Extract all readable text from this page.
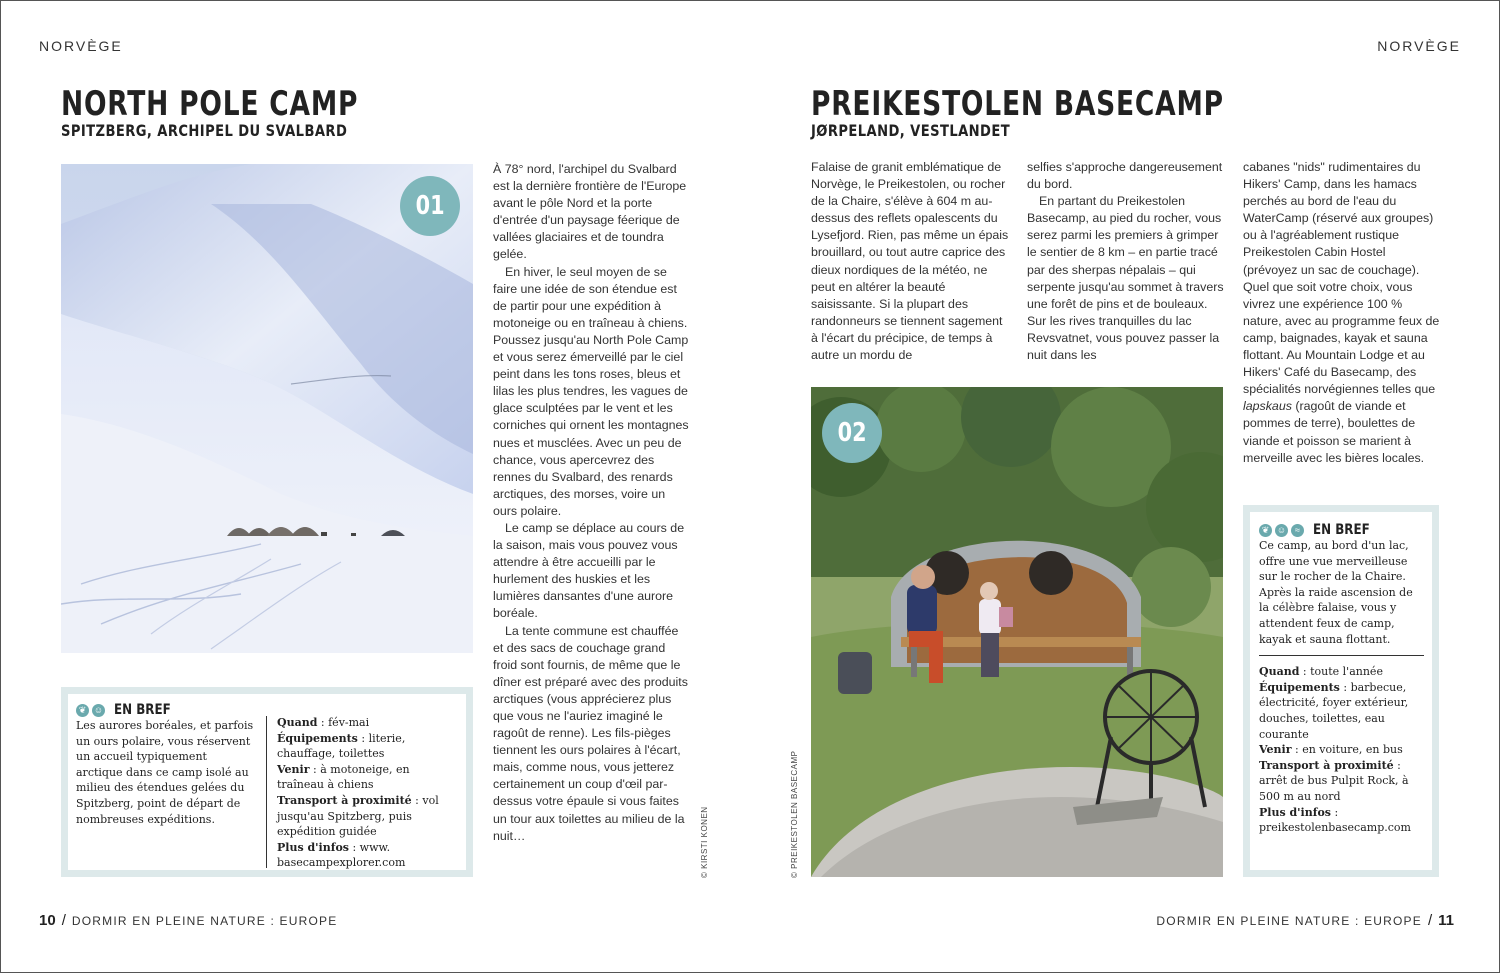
NORVÈGE
NORTH POLE CAMP
SPITZBERG, ARCHIPEL DU SVALBARD
01

À 78° nord, l'archipel du Svalbard est la dernière frontière de l'Europe avant le pôle Nord et la porte d'entrée d'un paysage féerique de vallées glaciaires et de toundra gelée.

En hiver, le seul moyen de se faire une idée de son étendue est de partir pour une expédition à motoneige ou en traîneau à chiens. Poussez jusqu'au North Pole Camp et vous serez émerveillé par le ciel peint dans les tons roses, bleus et lilas les plus tendres, les vagues de glace sculptées par le vent et les corniches qui ornent les montagnes nues et musclées. Avec un peu de chance, vous apercevrez des rennes du Svalbard, des renards arctiques, des morses, voire un ours polaire.

Le camp se déplace au cours de la saison, mais vous pouvez vous attendre à être accueilli par le hurlement des huskies et les lumières dansantes d'une aurore boréale.

La tente commune est chauffée et des sacs de couchage grand froid sont fournis, de même que le dîner est préparé avec des produits arctiques (vous apprécierez plus que vous ne l'auriez imaginé le ragoût de renne). Les fils-pièges tiennent les ours polaires à l'écart, mais, comme nous, vous jetterez certainement un coup d'œil par-dessus votre épaule si vous faites un tour aux toilettes au milieu de la nuit…	© KIRSTI KONEN
❦ ☺ EN BREF
Les aurores boréales, et parfois un ours polaire, vous réservent un accueil typiquement arctique dans ce camp isolé au milieu des étendues gelées du Spitzberg, point de départ de nombreuses expéditions.
Quand : fév-mai
Équipements : literie, chauffage, toilettes
Venir : à motoneige, en traîneau à chiens
Transport à proximité : vol jusqu'au Spitzberg, puis expédition guidée
Plus d'infos : www. basecampexplorer.com
10 / DORMIR EN PLEINE NATURE : EUROPE
NORVÈGE
PREIKESTOLEN BASECAMP
JØRPELAND, VESTLANDET

Falaise de granit emblématique de Norvège, le Preikestolen, ou rocher de la Chaire, s'élève à 604 m au-dessus des reflets opalescents du Lysefjord. Rien, pas même un épais brouillard, ou tout autre caprice des dieux nordiques de la météo, ne peut en altérer la beauté saisissante. Si la plupart des randonneurs se tiennent sagement à l'écart du précipice, de temps à autre un mordu de

selfies s'approche dangereusement du bord.

En partant du Preikestolen Basecamp, au pied du rocher, vous serez parmi les premiers à grimper le sentier de 8 km – en partie tracé par des sherpas népalais – qui serpente jusqu'au sommet à travers une forêt de pins et de bouleaux. Sur les rives tranquilles du lac Revsvatnet, vous pouvez passer la nuit dans les

cabanes "nids" rudimentaires du Hikers' Camp, dans les hamacs perchés au bord de l'eau du WaterCamp (réservé aux groupes) ou à l'agréablement rustique Preikestolen Cabin Hostel (prévoyez un sac de couchage). Quel que soit votre choix, vous vivrez une expérience 100 % nature, avec au programme feux de camp, baignades, kayak et sauna flottant. Au Mountain Lodge et au Hikers' Café du Basecamp, des spécialités norvégiennes telles que lapskaus (ragoût de viande et pommes de terre), boulettes de viande et poisson se marient à merveille avec les bières locales.

02
© PREIKESTOLEN BASECAMP
❦ ☺ ≈ EN BREF
Ce camp, au bord d'un lac, offre une vue merveilleuse sur le rocher de la Chaire. Après la raide ascension de la célèbre falaise, vous y attendent feux de camp, kayak et sauna flottant.
Quand : toute l'année
Équipements : barbecue, électricité, foyer extérieur, douches, toilettes, eau courante
Venir : en voiture, en bus
Transport à proximité : arrêt de bus Pulpit Rock, à 500 m au nord
Plus d'infos : preikestolenbasecamp.com
DORMIR EN PLEINE NATURE : EUROPE / 11
